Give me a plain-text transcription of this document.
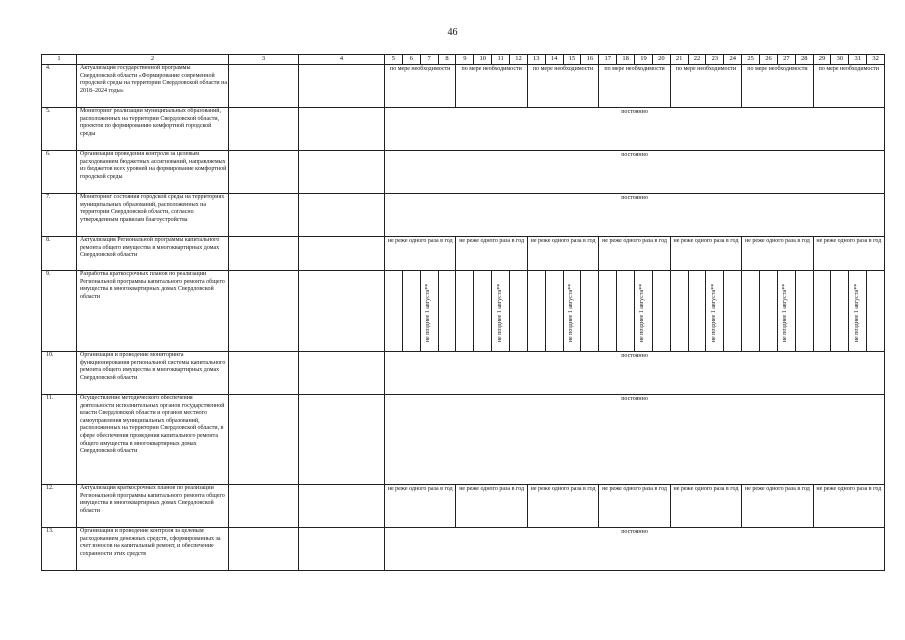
46
1	2	3	4	5	6	7	8	9	10	11	12	13	14	15	16	17	18	19	20	21	22	23	24	25	26	27	28	29	30	31	32
4.	Актуализация государственной программы Свердловской области «Формирование современной городской среды на территории Свердловской области на 2018–2024 годы»			по мере необходимости				по мере необходимости				по мере необходимости				по мере необходимости				по мере необходимости				по мере необходимости				по мере необходимости			
5.	Мониторинг реализации муниципальных образований, расположенных на территории Свердловской области, проектов по формированию комфортной городской среды			постоянно																											
6.	Организация проведения контроля за целевым расходованием бюджетных ассигнований, направляемых из бюджетов всех уровней на формирование комфортной городской среды			постоянно																											
7.	Мониторинг состояния городской среды на территориях муниципальных образований, расположенных на территории Свердловской области, согласно утвержденным правилам благоустройства			постоянно																											
8.	Актуализация Региональной программы капитального ремонта общего имущества в многоквартирных домах Свердловской области			не реже одного раза в год				не реже одного раза в год				не реже одного раза в год				не реже одного раза в год				не реже одного раза в год				не реже одного раза в год				не реже одного раза в год			
9.	Разработка краткосрочных планов по реализации Региональной программы капитального ремонта общего имущества в многоквартирных домах Свердловской области					не позднее 1 августа**				не позднее 1 августа**				не позднее 1 августа**				не позднее 1 августа**				не позднее 1 августа**				не позднее 1 августа**				не позднее 1 августа**	

10.	Организация и проведение мониторинга функционирования региональной системы капитального ремонта общего имущества в многоквартирных домах Свердловской области			постоянно																											
11.	Осуществление методического обеспечения деятельности исполнительных органов государственной власти Свердловской области и органов местного самоуправления муниципальных образований, расположенных на территории Свердловской области, в сфере обеспечения проведения капитального ремонта общего имущества в многоквартирных домах Свердловской области			постоянно																											
12.	Актуализация краткосрочных планов по реализации Региональной программы капитального ремонта общего имущества в многоквартирных домах Свердловской области			не реже одного раза в год				не реже одного раза в год				не реже одного раза в год				не реже одного раза в год				не реже одного раза в год				не реже одного раза в год				не реже одного раза в год			
13.	Организация и проведение контроля за целевым расходованием денежных средств, сформированных за счет взносов на капитальный ремонт, и обеспечение сохранности этих средств			постоянно																											
